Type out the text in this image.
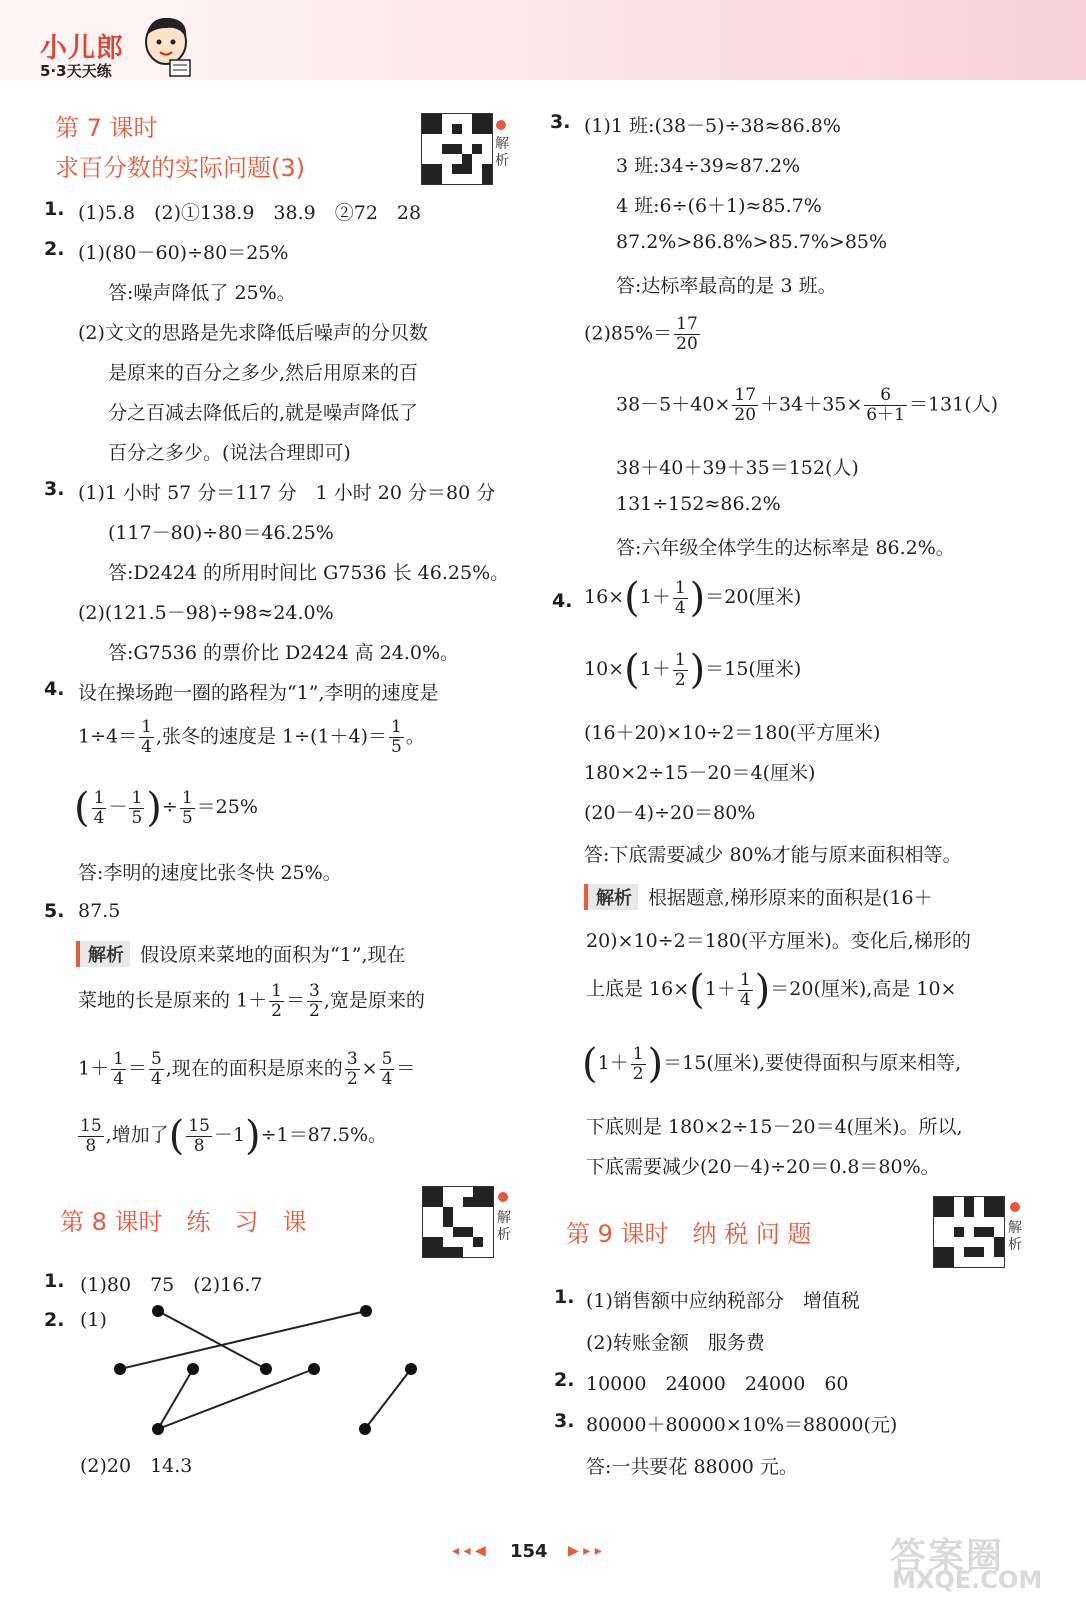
小儿郎
5·3天天练
第 7 课时
求百分数的实际问题(3)
解析
1. (1)5.8　(2)①138.9　38.9　②72　28
2. (1)(80－60)÷80＝25%
答:噪声降低了 25%。
(2)文文的思路是先求降低后噪声的分贝数
是原来的百分之多少,然后用原来的百
分之百减去降低后的,就是噪声降低了
百分之多少。(说法合理即可)
3. (1)1 小时 57 分＝117 分　1 小时 20 分＝80 分
(117－80)÷80＝46.25%
答:D2424 的所用时间比 G7536 长 46.25%。
(2)(121.5－98)÷98≈24.0%
答:G7536 的票价比 D2424 高 24.0%。
4. 设在操场跑一圈的路程为“1”,李明的速度是
$1\div 4= \frac{1}{4}$ ,张冬的速度是 $1\div(1+4)= \frac{1}{5}$ 。
( $\frac{1}{4} - \frac{1}{5}$ )÷ $\frac{1}{5} =25\%$
答:李明的速度比张冬快 25%。
5. 87.5
解析 假设原来菜地的面积为“1”,现在
菜地的长是原来的 $1+ \frac{1}{2} = \frac{3}{2}$ ,宽是原来的
$1+ \frac{1}{4} = \frac{5}{4}$ ,现在的面积是原来的 $\frac{3}{2} \times \frac{5}{4}$ ＝
$\frac{15}{8}$ ,增加了( $\frac{15}{8} -1)\div 1=87.5\%$。
第 8 课时　练　习　课	解析
1. (1)80　75　(2)16.7
2. (1)
(2)20　14.3
3. (1)1 班:(38－5)÷38≈86.8%
3 班:34÷39≈87.2%
4 班:6÷(6＋1)≈85.7%
87.2%>86.8%>85.7%>85%
答:达标率最高的是 3 班。
$(2)85\%= \frac{17}{20}$
$38-5+40\times \frac{17}{20} +34+35\times \frac{6}{6+1} =131$(人)
38＋40＋39＋35＝152(人)
131÷152≈86.2%
答:六年级全体学生的达标率是 86.2%。
4. $16\times(1+ \frac{1}{4} )=20$(厘米)
$10\times(1+ \frac{1}{2} )=15$(厘米)
(16＋20)×10÷2＝180(平方厘米)
180×2÷15－20＝4(厘米)
(20－4)÷20＝80%
答:下底需要减少 80%才能与原来面积相等。
解析 根据题意,梯形原来的面积是(16＋
20)×10÷2＝180(平方厘米)。变化后,梯形的
上底是 $16\times(1+ \frac{1}{4} )=20$(厘米),高是 10×
$(1+ \frac{1}{2} )=15$(厘米),要使得面积与原来相等,
下底则是 180×2÷15－20＝4(厘米)。所以,
下底需要减少(20－4)÷20＝0.8＝80%。
第 9 课时　纳 税 问 题	解析
1. (1)销售额中应纳税部分　增值税
(2)转账金额　服务费
2. 10000　24000　24000　60
3. 80000＋80000×10%＝88000(元)
答:一共要花 88000 元。
◂ ◂ ◀ 154 ▶ ▸ ▸	答案圈
MXQE.COM
